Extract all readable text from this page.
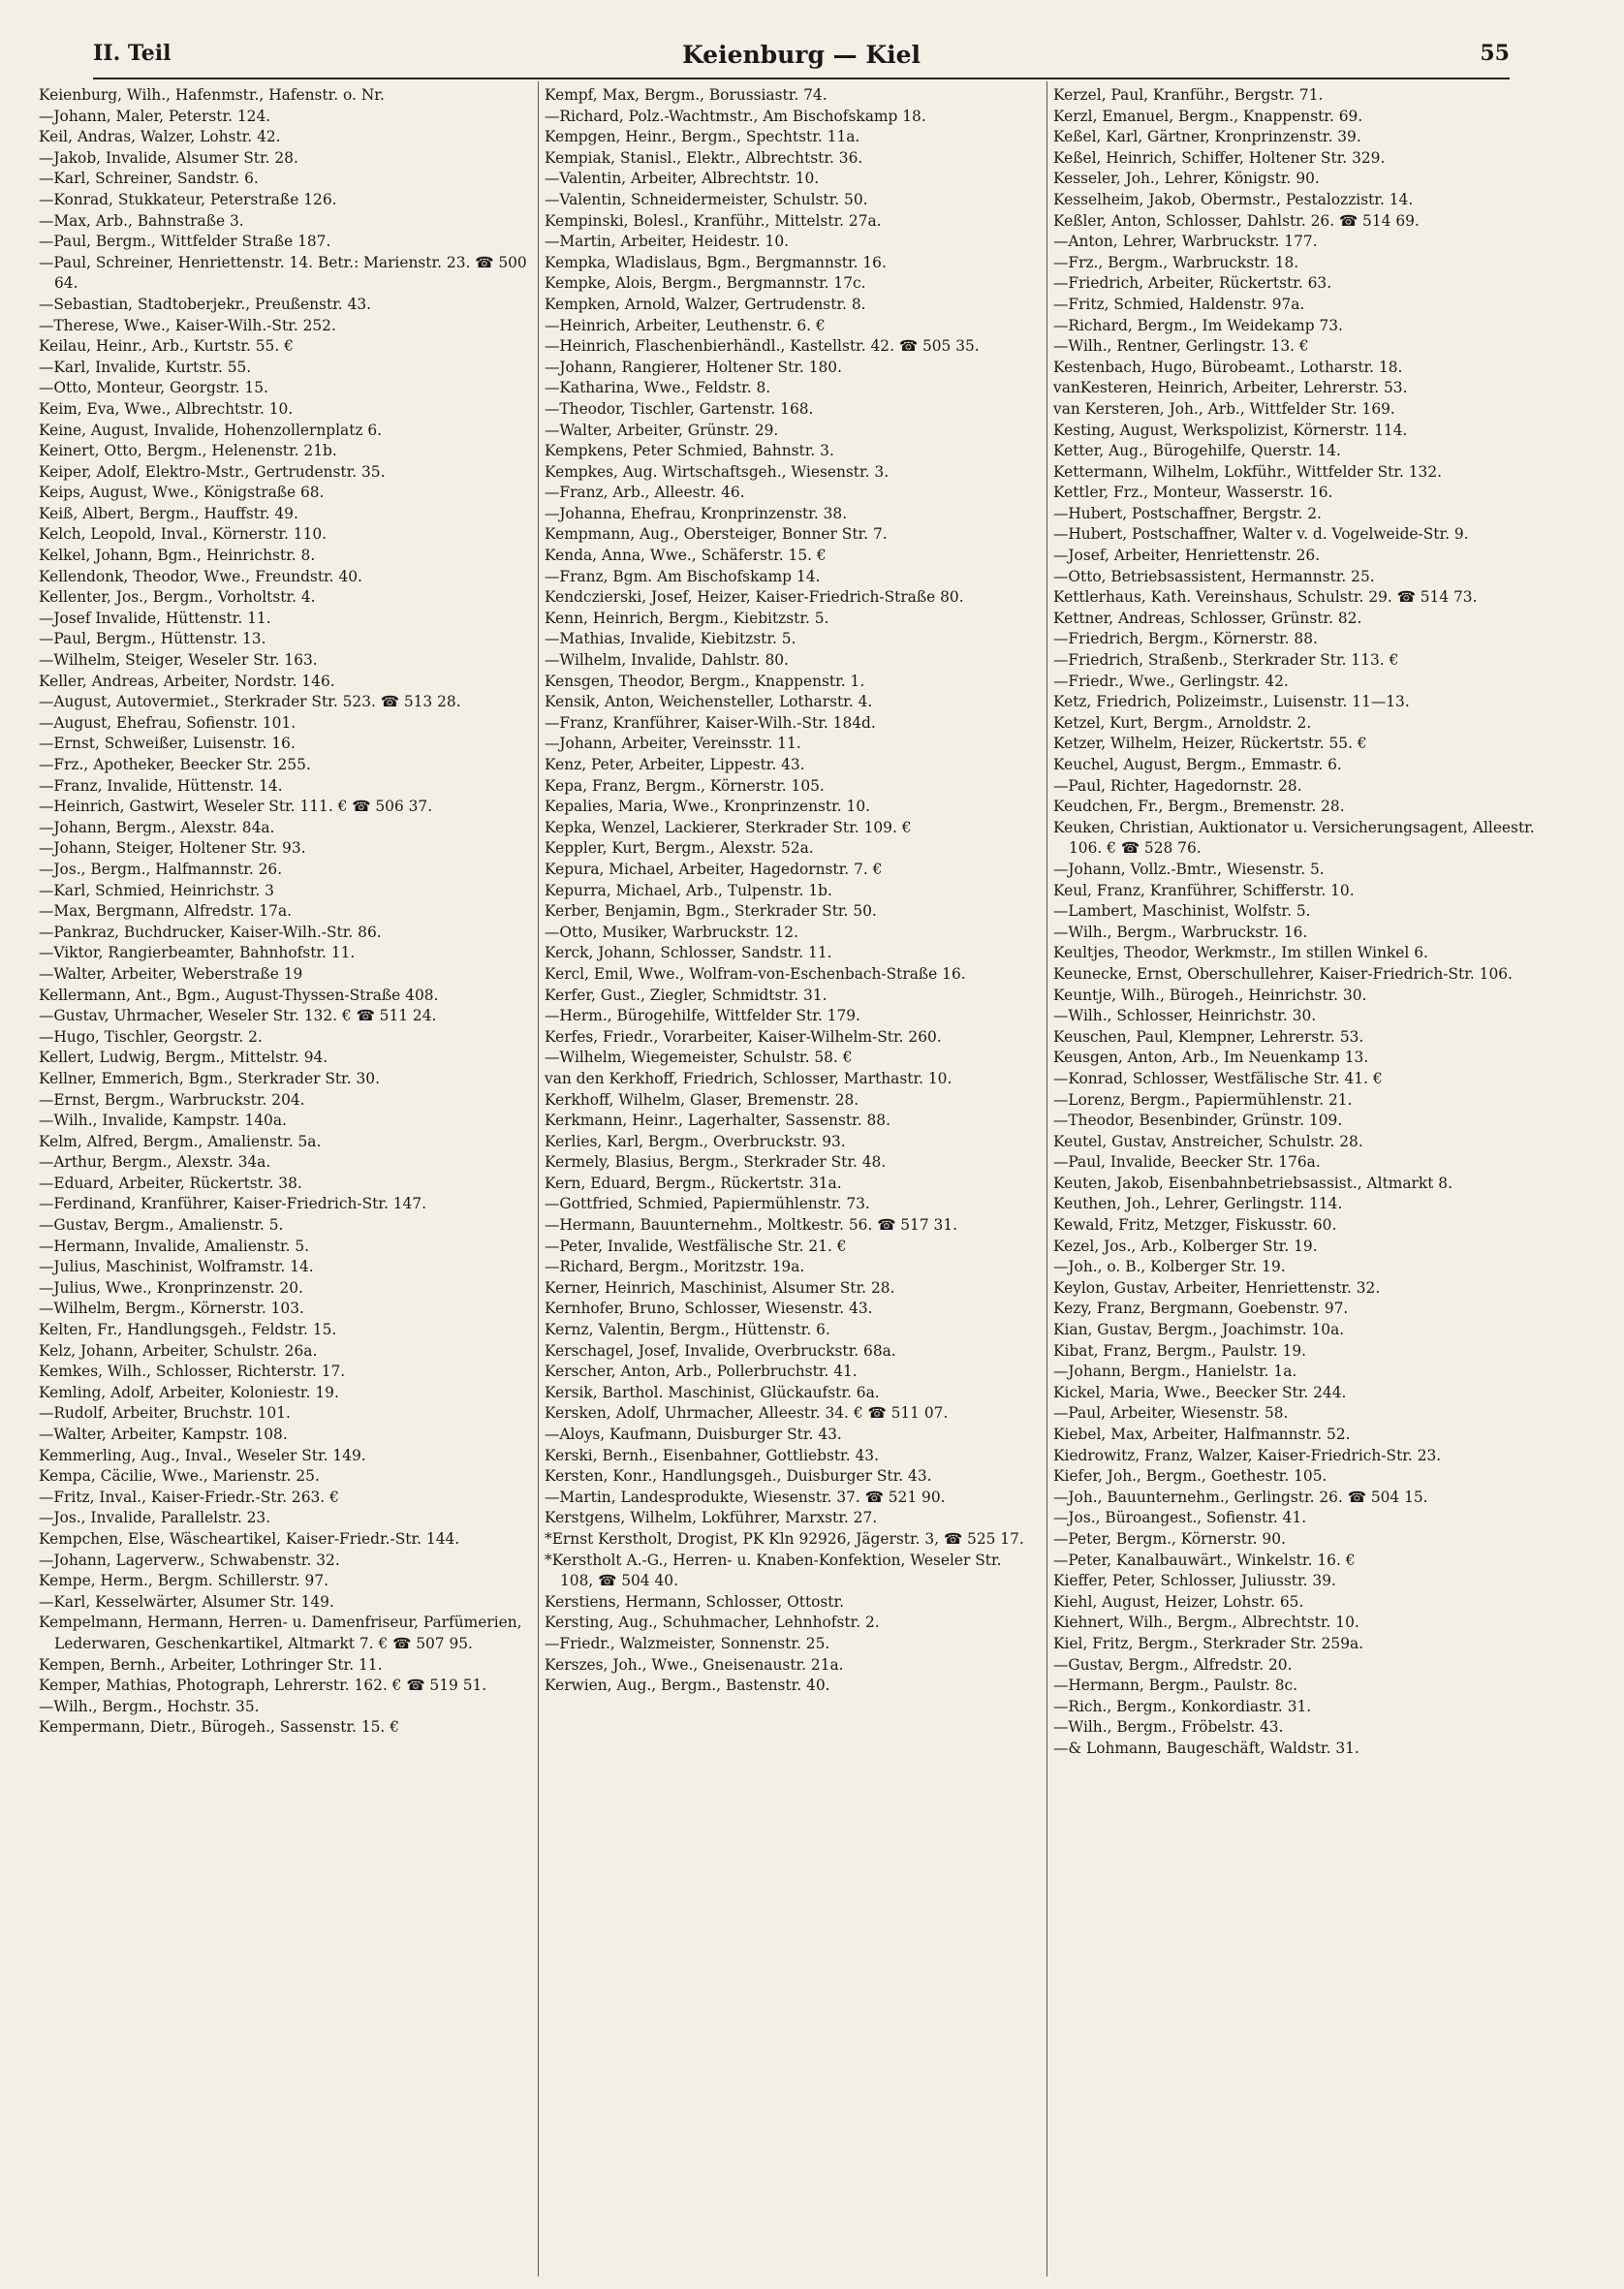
II. Teil	Keienburg — Kiel	55
Keienburg, Wilh., Hafenmstr., Hafenstr. o. Nr.
—Johann, Maler, Peterstr. 124.
Keil, Andras, Walzer, Lohstr. 42.
—Jakob, Invalide, Alsumer Str. 28.
—Karl, Schreiner, Sandstr. 6.
—Konrad, Stukkateur, Peterstraße 126.
—Max, Arb., Bahnstraße 3.
—Paul, Bergm., Wittfelder Straße 187.
—Paul, Schreiner, Henriettenstr. 14. Betr.: Marienstr. 23. ☎ 500 64.
—Sebastian, Stadtoberjekr., Preußenstr. 43.
—Therese, Wwe., Kaiser-Wilh.-Str. 252.
Keilau, Heinr., Arb., Kurtstr. 55. €
—Karl, Invalide, Kurtstr. 55.
—Otto, Monteur, Georgstr. 15.
Keim, Eva, Wwe., Albrechtstr. 10.
Keine, August, Invalide, Hohenzollernplatz 6.
Keinert, Otto, Bergm., Helenenstr. 21b.
Keiper, Adolf, Elektro-Mstr., Gertrudenstr. 35.
Keips, August, Wwe., Königstraße 68.
Keiß, Albert, Bergm., Hauffstr. 49.
Kelch, Leopold, Inval., Körnerstr. 110.
Kelkel, Johann, Bgm., Heinrichstr. 8.
Kellendonk, Theodor, Wwe., Freundstr. 40.
Kellenter, Jos., Bergm., Vorholtstr. 4.
—Josef Invalide, Hüttenstr. 11.
—Paul, Bergm., Hüttenstr. 13.
—Wilhelm, Steiger, Weseler Str. 163.
Keller, Andreas, Arbeiter, Nordstr. 146.
—August, Autovermiet., Sterkrader Str. 523. ☎ 513 28.
—August, Ehefrau, Sofienstr. 101.
—Ernst, Schweißer, Luisenstr. 16.
—Frz., Apotheker, Beecker Str. 255.
—Franz, Invalide, Hüttenstr. 14.
—Heinrich, Gastwirt, Weseler Str. 111. € ☎ 506 37.
—Johann, Bergm., Alexstr. 84a.
—Johann, Steiger, Holtener Str. 93.
—Jos., Bergm., Halfmannstr. 26.
—Karl, Schmied, Heinrichstr. 3
—Max, Bergmann, Alfredstr. 17a.
—Pankraz, Buchdrucker, Kaiser-Wilh.-Str. 86.
—Viktor, Rangierbeamter, Bahnhofstr. 11.
—Walter, Arbeiter, Weberstraße 19
Kellermann, Ant., Bgm., August-Thyssen-Straße 408.
—Gustav, Uhrmacher, Weseler Str. 132. € ☎ 511 24.
—Hugo, Tischler, Georgstr. 2.
Kellert, Ludwig, Bergm., Mittelstr. 94.
Kellner, Emmerich, Bgm., Sterkrader Str. 30.
—Ernst, Bergm., Warbruckstr. 204.
—Wilh., Invalide, Kampstr. 140a.
Kelm, Alfred, Bergm., Amalienstr. 5a.
—Arthur, Bergm., Alexstr. 34a.
—Eduard, Arbeiter, Rückertstr. 38.
—Ferdinand, Kranführer, Kaiser-Friedrich-Str. 147.
—Gustav, Bergm., Amalienstr. 5.
—Hermann, Invalide, Amalienstr. 5.
—Julius, Maschinist, Wolframstr. 14.
—Julius, Wwe., Kronprinzenstr. 20.
—Wilhelm, Bergm., Körnerstr. 103.
Kelten, Fr., Handlungsgeh., Feldstr. 15.
Kelz, Johann, Arbeiter, Schulstr. 26a.
Kemkes, Wilh., Schlosser, Richterstr. 17.
Kemling, Adolf, Arbeiter, Koloniestr. 19.
—Rudolf, Arbeiter, Bruchstr. 101.
—Walter, Arbeiter, Kampstr. 108.
Kemmerling, Aug., Inval., Weseler Str. 149.
Kempa, Cäcilie, Wwe., Marienstr. 25.
—Fritz, Inval., Kaiser-Friedr.-Str. 263. €
—Jos., Invalide, Parallelstr. 23.
Kempchen, Else, Wäscheartikel, Kaiser-Friedr.-Str. 144.
—Johann, Lagerverw., Schwabenstr. 32.
Kempe, Herm., Bergm. Schillerstr. 97.
—Karl, Kesselwärter, Alsumer Str. 149.
Kempelmann, Hermann, Herren- u. Damenfriseur, Parfümerien, Lederwaren, Geschenkartikel, Altmarkt 7. € ☎ 507 95.
Kempen, Bernh., Arbeiter, Lothringer Str. 11.
Kemper, Mathias, Photograph, Lehrerstr. 162. € ☎ 519 51.
—Wilh., Bergm., Hochstr. 35.
Kempermann, Dietr., Bürogeh., Sassenstr. 15. €
Kempf, Max, Bergm., Borussiastr. 74.
—Richard, Polz.-Wachtmstr., Am Bischofskamp 18.
Kempgen, Heinr., Bergm., Spechtstr. 11a.
Kempiak, Stanisl., Elektr., Albrechtstr. 36.
—Valentin, Arbeiter, Albrechtstr. 10.
—Valentin, Schneidermeister, Schulstr. 50.
Kempinski, Bolesl., Kranführ., Mittelstr. 27a.
—Martin, Arbeiter, Heidestr. 10.
Kempka, Wladislaus, Bgm., Bergmannstr. 16.
Kempke, Alois, Bergm., Bergmannstr. 17c.
Kempken, Arnold, Walzer, Gertrudenstr. 8.
—Heinrich, Arbeiter, Leuthenstr. 6. €
—Heinrich, Flaschenbierhändl., Kastellstr. 42. ☎ 505 35.
—Johann, Rangierer, Holtener Str. 180.
—Katharina, Wwe., Feldstr. 8.
—Theodor, Tischler, Gartenstr. 168.
—Walter, Arbeiter, Grünstr. 29.
Kempkens, Peter Schmied, Bahnstr. 3.
Kempkes, Aug. Wirtschaftsgeh., Wiesenstr. 3.
—Franz, Arb., Alleestr. 46.
—Johanna, Ehefrau, Kronprinzenstr. 38.
Kempmann, Aug., Obersteiger, Bonner Str. 7.
Kenda, Anna, Wwe., Schäferstr. 15. €
—Franz, Bgm. Am Bischofskamp 14.
Kendczierski, Josef, Heizer, Kaiser-Friedrich-Straße 80.
Kenn, Heinrich, Bergm., Kiebitzstr. 5.
—Mathias, Invalide, Kiebitzstr. 5.
—Wilhelm, Invalide, Dahlstr. 80.
Kensgen, Theodor, Bergm., Knappenstr. 1.
Kensik, Anton, Weichensteller, Lotharstr. 4.
—Franz, Kranführer, Kaiser-Wilh.-Str. 184d.
—Johann, Arbeiter, Vereinsstr. 11.
Kenz, Peter, Arbeiter, Lippestr. 43.
Kepa, Franz, Bergm., Körnerstr. 105.
Kepalies, Maria, Wwe., Kronprinzenstr. 10.
Kepka, Wenzel, Lackierer, Sterkrader Str. 109. €
Keppler, Kurt, Bergm., Alexstr. 52a.
Kepura, Michael, Arbeiter, Hagedornstr. 7. €
Kepurra, Michael, Arb., Tulpenstr. 1b.
Kerber, Benjamin, Bgm., Sterkrader Str. 50.
—Otto, Musiker, Warbruckstr. 12.
Kerck, Johann, Schlosser, Sandstr. 11.
Kercl, Emil, Wwe., Wolfram-von-Eschenbach-Straße 16.
Kerfer, Gust., Ziegler, Schmidtstr. 31.
—Herm., Bürogehilfe, Wittfelder Str. 179.
Kerfes, Friedr., Vorarbeiter, Kaiser-Wilhelm-Str. 260.
—Wilhelm, Wiegemeister, Schulstr. 58. €
van den Kerkhoff, Friedrich, Schlosser, Marthastr. 10.
Kerkhoff, Wilhelm, Glaser, Bremenstr. 28.
Kerkmann, Heinr., Lagerhalter, Sassenstr. 88.
Kerlies, Karl, Bergm., Overbruckstr. 93.
Kermely, Blasius, Bergm., Sterkrader Str. 48.
Kern, Eduard, Bergm., Rückertstr. 31a.
—Gottfried, Schmied, Papiermühlenstr. 73.
—Hermann, Bauunternehm., Moltkestr. 56. ☎ 517 31.
—Peter, Invalide, Westfälische Str. 21. €
—Richard, Bergm., Moritzstr. 19a.
Kerner, Heinrich, Maschinist, Alsumer Str. 28.
Kernhofer, Bruno, Schlosser, Wiesenstr. 43.
Kernz, Valentin, Bergm., Hüttenstr. 6.
Kerschagel, Josef, Invalide, Overbruckstr. 68a.
Kerscher, Anton, Arb., Pollerbruchstr. 41.
Kersik, Barthol. Maschinist, Glückaufstr. 6a.
Kersken, Adolf, Uhrmacher, Alleestr. 34. € ☎ 511 07.
—Aloys, Kaufmann, Duisburger Str. 43.
Kerski, Bernh., Eisenbahner, Gottliebstr. 43.
Kersten, Konr., Handlungsgeh., Duisburger Str. 43.
—Martin, Landesprodukte, Wiesenstr. 37. ☎ 521 90.
Kerstgens, Wilhelm, Lokführer, Marxstr. 27.
*Ernst Kerstholt, Drogist, PK Kln 92926, Jägerstr. 3, ☎ 525 17.
*Kerstholt A.-G., Herren- u. Knaben-Konfektion, Weseler Str. 108, ☎ 504 40.
Kerstiens, Hermann, Schlosser, Ottostr.
Kersting, Aug., Schuhmacher, Lehnhofstr. 2.
—Friedr., Walzmeister, Sonnenstr. 25.
Kerszes, Joh., Wwe., Gneisenaustr. 21a.
Kerwien, Aug., Bergm., Bastenstr. 40.
Kerzel, Paul, Kranführ., Bergstr. 71.
Kerzl, Emanuel, Bergm., Knappenstr. 69.
Keßel, Karl, Gärtner, Kronprinzenstr. 39.
Keßel, Heinrich, Schiffer, Holtener Str. 329.
Kesseler, Joh., Lehrer, Königstr. 90.
Kesselheim, Jakob, Obermstr., Pestalozzistr. 14.
Keßler, Anton, Schlosser, Dahlstr. 26. ☎ 514 69.
—Anton, Lehrer, Warbruckstr. 177.
—Frz., Bergm., Warbruckstr. 18.
—Friedrich, Arbeiter, Rückertstr. 63.
—Fritz, Schmied, Haldenstr. 97a.
—Richard, Bergm., Im Weidekamp 73.
—Wilh., Rentner, Gerlingstr. 13. €
Kestenbach, Hugo, Bürobeamt., Lotharstr. 18.
vanKesteren, Heinrich, Arbeiter, Lehrerstr. 53.
van Kersteren, Joh., Arb., Wittfelder Str. 169.
Kesting, August, Werkspolizist, Körnerstr. 114.
Ketter, Aug., Bürogehilfe, Querstr. 14.
Kettermann, Wilhelm, Lokführ., Wittfelder Str. 132.
Kettler, Frz., Monteur, Wasserstr. 16.
—Hubert, Postschaffner, Bergstr. 2.
—Hubert, Postschaffner, Walter v. d. Vogelweide-Str. 9.
—Josef, Arbeiter, Henriettenstr. 26.
—Otto, Betriebsassistent, Hermannstr. 25.
Kettlerhaus, Kath. Vereinshaus, Schulstr. 29. ☎ 514 73.
Kettner, Andreas, Schlosser, Grünstr. 82.
—Friedrich, Bergm., Körnerstr. 88.
—Friedrich, Straßenb., Sterkrader Str. 113. €
—Friedr., Wwe., Gerlingstr. 42.
Ketz, Friedrich, Polizeimstr., Luisenstr. 11—13.
Ketzel, Kurt, Bergm., Arnoldstr. 2.
Ketzer, Wilhelm, Heizer, Rückertstr. 55. €
Keuchel, August, Bergm., Emmastr. 6.
—Paul, Richter, Hagedornstr. 28.
Keudchen, Fr., Bergm., Bremenstr. 28.
Keuken, Christian, Auktionator u. Versicherungsagent, Alleestr. 106. € ☎ 528 76.
—Johann, Vollz.-Bmtr., Wiesenstr. 5.
Keul, Franz, Kranführer, Schifferstr. 10.
—Lambert, Maschinist, Wolfstr. 5.
—Wilh., Bergm., Warbruckstr. 16.
Keultjes, Theodor, Werkmstr., Im stillen Winkel 6.
Keunecke, Ernst, Oberschullehrer, Kaiser-Friedrich-Str. 106.
Keuntje, Wilh., Bürogeh., Heinrichstr. 30.
—Wilh., Schlosser, Heinrichstr. 30.
Keuschen, Paul, Klempner, Lehrerstr. 53.
Keusgen, Anton, Arb., Im Neuenkamp 13.
—Konrad, Schlosser, Westfälische Str. 41. €
—Lorenz, Bergm., Papiermühlenstr. 21.
—Theodor, Besenbinder, Grünstr. 109.
Keutel, Gustav, Anstreicher, Schulstr. 28.
—Paul, Invalide, Beecker Str. 176a.
Keuten, Jakob, Eisenbahnbetriebsassist., Altmarkt 8.
Keuthen, Joh., Lehrer, Gerlingstr. 114.
Kewald, Fritz, Metzger, Fiskusstr. 60.
Kezel, Jos., Arb., Kolberger Str. 19.
—Joh., o. B., Kolberger Str. 19.
Keylon, Gustav, Arbeiter, Henriettenstr. 32.
Kezy, Franz, Bergmann, Goebenstr. 97.
Kian, Gustav, Bergm., Joachimstr. 10a.
Kibat, Franz, Bergm., Paulstr. 19.
—Johann, Bergm., Hanielstr. 1a.
Kickel, Maria, Wwe., Beecker Str. 244.
—Paul, Arbeiter, Wiesenstr. 58.
Kiebel, Max, Arbeiter, Halfmannstr. 52.
Kiedrowitz, Franz, Walzer, Kaiser-Friedrich-Str. 23.
Kiefer, Joh., Bergm., Goethestr. 105.
—Joh., Bauunternehm., Gerlingstr. 26. ☎ 504 15.
—Jos., Büroangest., Sofienstr. 41.
—Peter, Bergm., Körnerstr. 90.
—Peter, Kanalbauwärt., Winkelstr. 16. €
Kieffer, Peter, Schlosser, Juliusstr. 39.
Kiehl, August, Heizer, Lohstr. 65.
Kiehnert, Wilh., Bergm., Albrechtstr. 10.
Kiel, Fritz, Bergm., Sterkrader Str. 259a.
—Gustav, Bergm., Alfredstr. 20.
—Hermann, Bergm., Paulstr. 8c.
—Rich., Bergm., Konkordiastr. 31.
—Wilh., Bergm., Fröbelstr. 43.
—& Lohmann, Baugeschäft, Waldstr. 31.
